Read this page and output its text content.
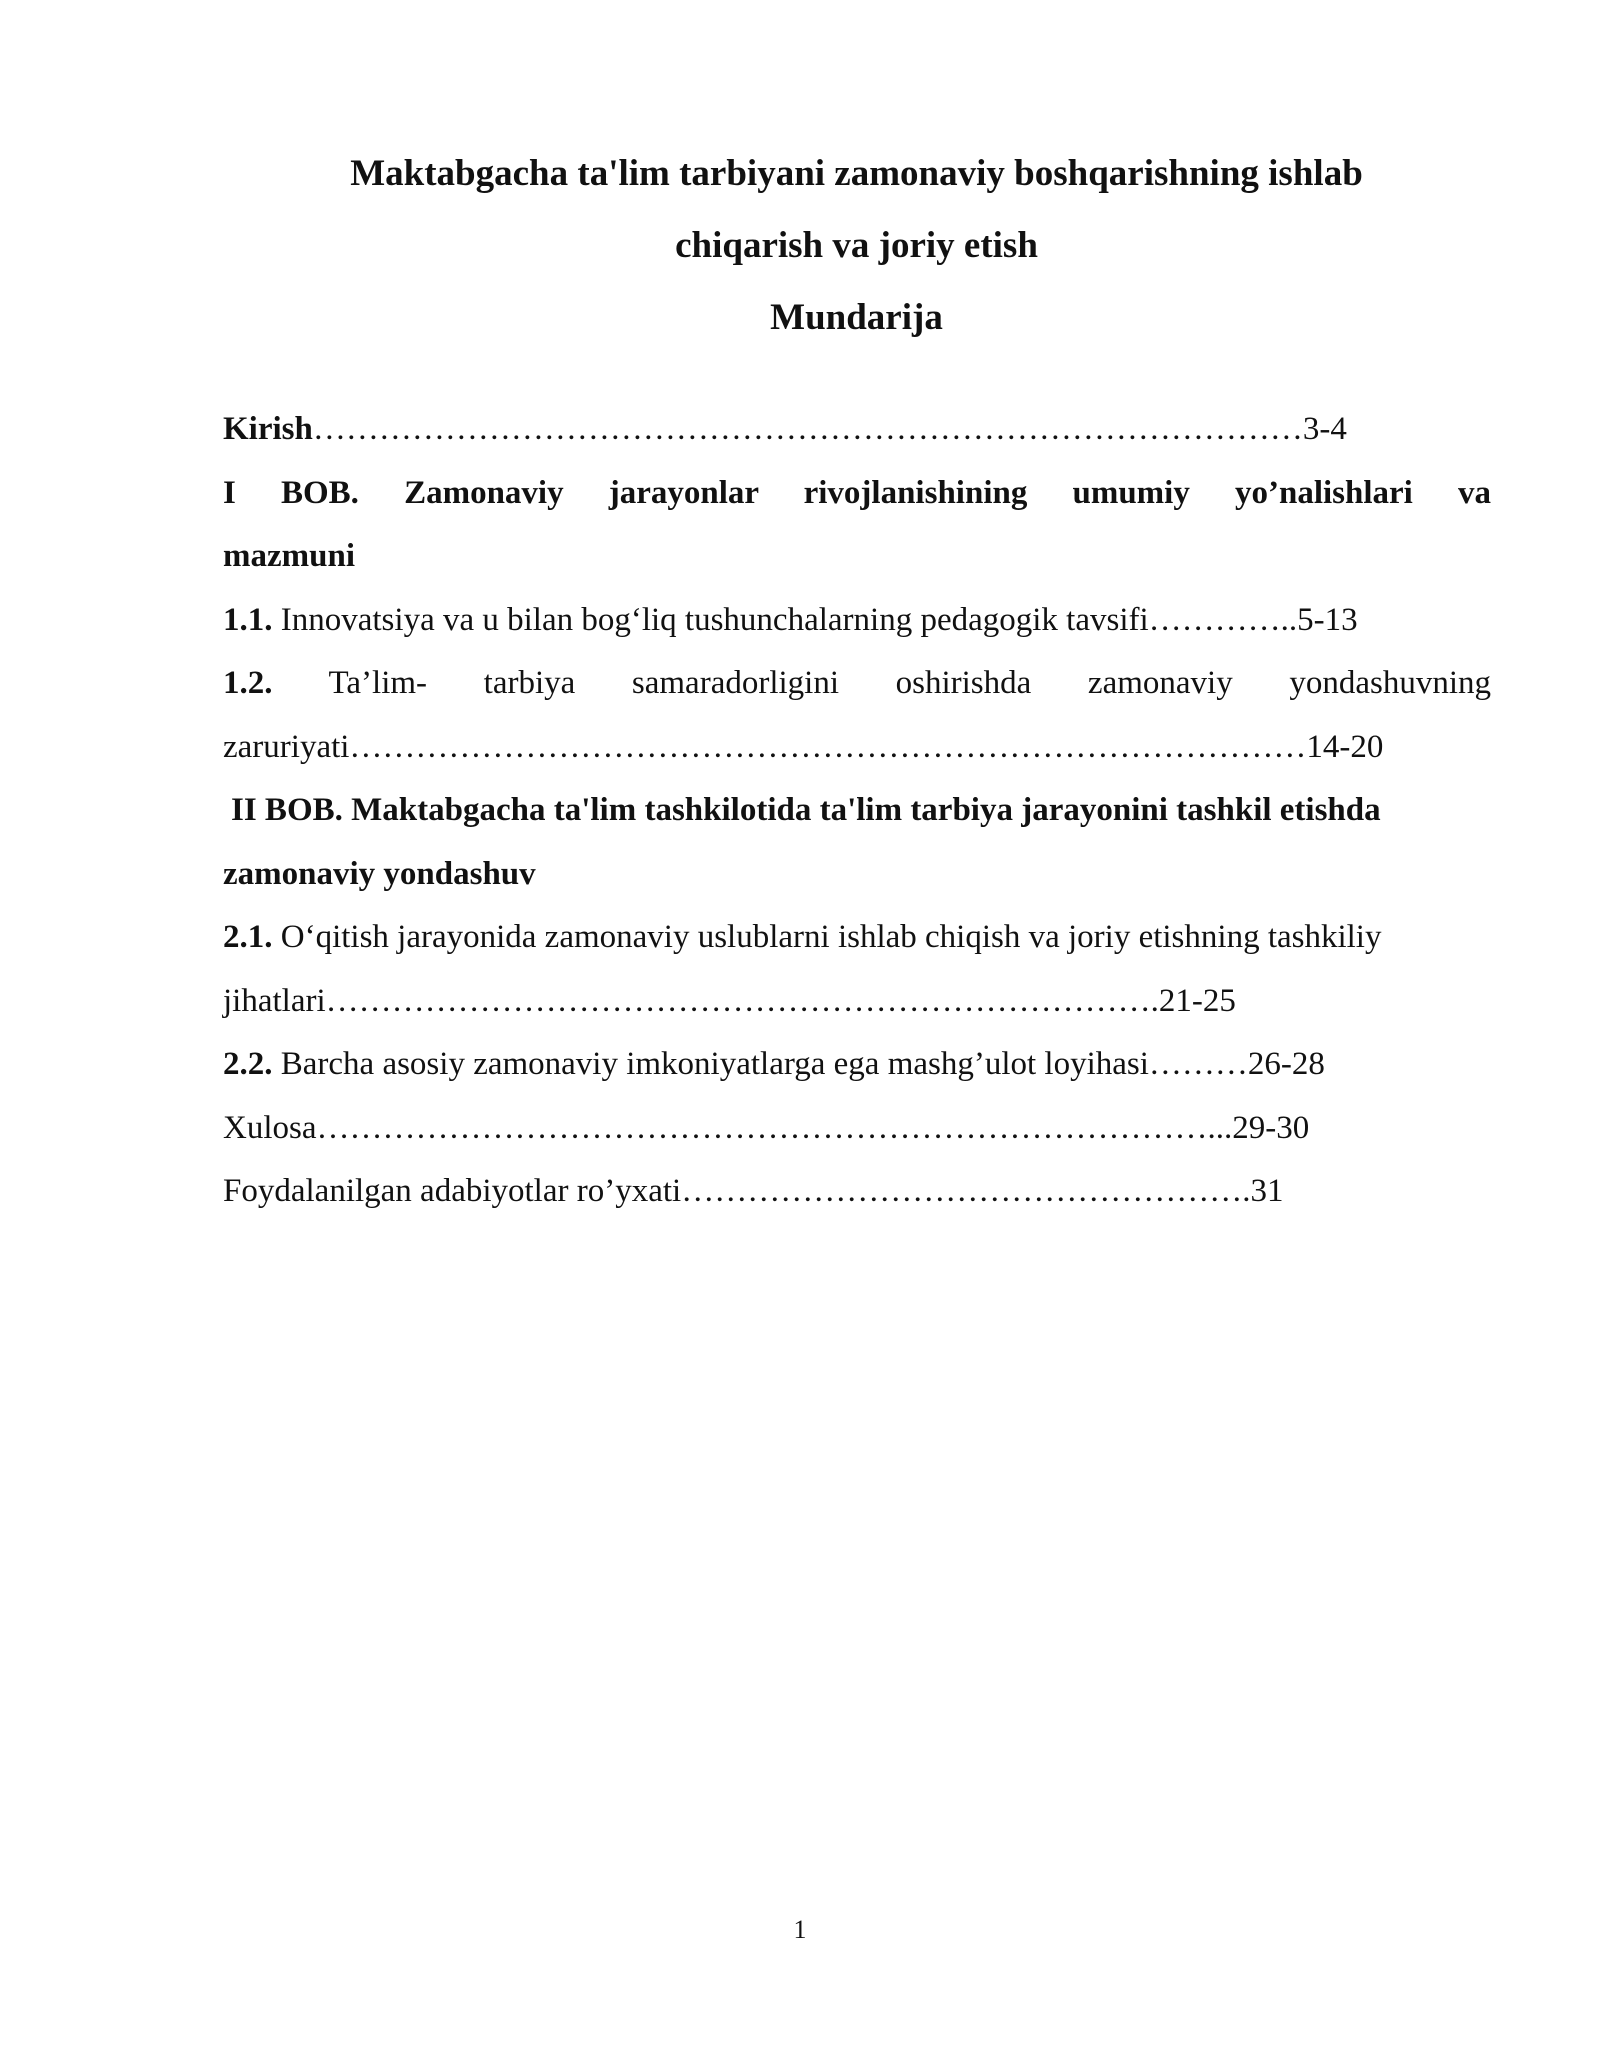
Maktabgacha ta'lim tarbiyani zamonaviy boshqarishning ishlab
chiqarish va joriy etish
Mundarija
Kirish………………………………………………………………………………3-4
I BOB. Zamonaviy jarayonlar rivojlanishining umumiy yo’nalishlari va
mazmuni
1.1. Innovatsiya va u bilan bog‘liq tushunchalarning pedagogik tavsifi…………..5-13
1.2. Ta’lim- tarbiya samaradorligini oshirishda zamonaviy yondashuvning
zaruriyati……………………………………………………………………………14-20
II BOB. Maktabgacha ta'lim tashkilotida ta'lim tarbiya jarayonini tashkil etishda
zamonaviy yondashuv
2.1. O‘qitish jarayonida zamonaviy uslublarni ishlab chiqish va joriy etishning tashkiliy
jihatlari………………………………………………………………….21-25
2.2. Barcha asosiy zamonaviy imkoniyatlarga ega mashg’ulot loyihasi………26-28
Xulosa………………………………………………………………………...29-30
Foydalanilgan adabiyotlar ro’yxati…………………………………………….31
1
